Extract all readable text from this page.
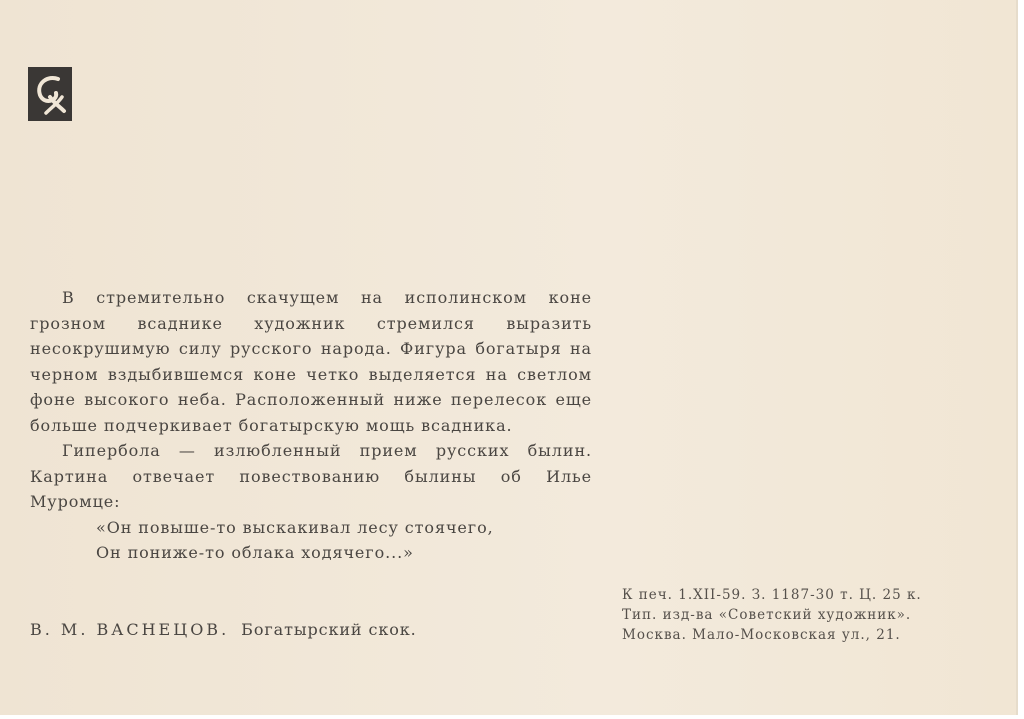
В стремительно скачущем на исполинском коне грозном всаднике художник стремился выразить несокрушимую силу русского народа. Фигура богатыря на черном вздыбившемся коне четко выделяется на светлом фоне высокого неба. Расположенный ниже перелесок еще больше подчеркивает богатырскую мощь всадника.

Гипербола — излюбленный прием русских былин. Картина отвечает повествованию былины об Илье Муромце:

«Он повыше-то выскакивал лесу стоячего,
Он пониже-то облака ходячего...»
В. М. ВАСНЕЦОВ. Богатырский скок.
К печ. 1.XII-59. З. 1187-30 т. Ц. 25 к.
Тип. изд-ва «Советский художник».
Москва. Мало-Московская ул., 21.
